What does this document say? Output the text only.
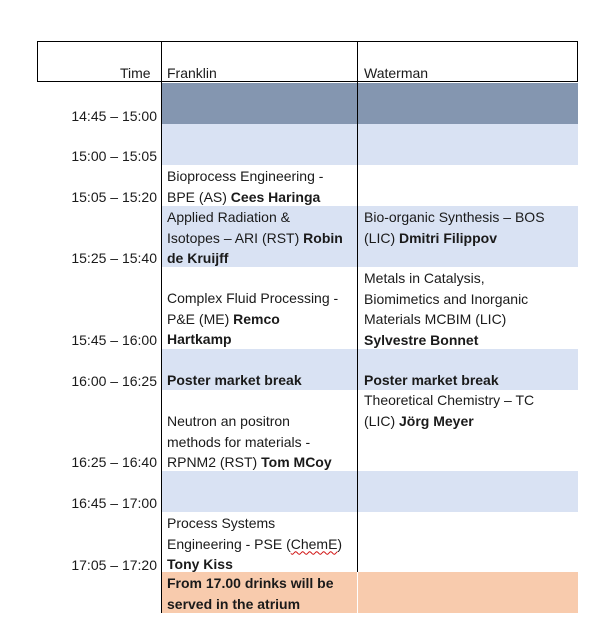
Time Franklin	Waterman
14:45 – 15:00
15:00 – 15:05
15:05 – 15:20
15:25 – 15:40
15:45 – 16:00
16:00 – 16:25
16:25 – 16:40
16:45 – 17:00
17:05 – 17:20
Bioprocess Engineering -
BPE (AS) Cees Haringa
Applied Radiation &
Isotopes – ARI (RST) Robin
de Kruijff
Complex Fluid Processing -
P&E (ME) Remco
Hartkamp
Poster market break
Neutron an positron
methods for materials -
RPNM2 (RST) Tom MCoy
Process Systems
Engineering - PSE (ChemE)
Tony Kiss
From 17.00 drinks will be
served in the atrium
Bio-organic Synthesis – BOS
(LIC) Dmitri Filippov
Metals in Catalysis,
Biomimetics and Inorganic
Materials MCBIM (LIC)
Sylvestre Bonnet
Poster market break
Theoretical Chemistry – TC
(LIC) Jörg Meyer
